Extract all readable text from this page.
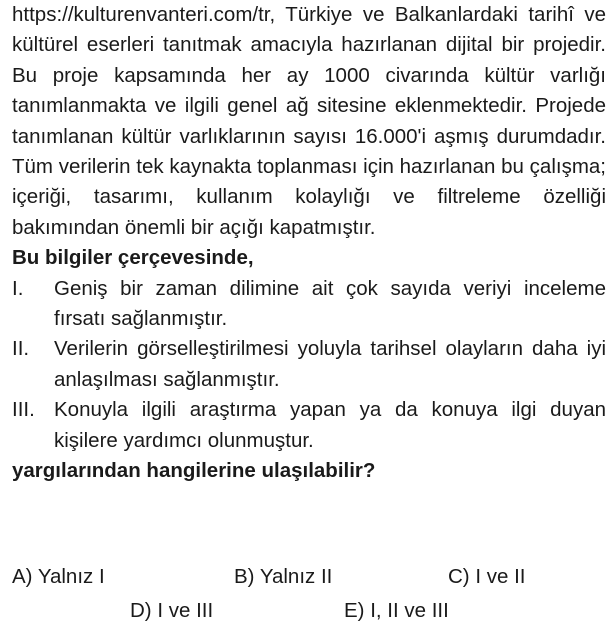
https://kulturenvanteri.com/tr, Türkiye ve Balkanlardaki tarihî ve kültürel eserleri tanıtmak amacıyla hazırlanan dijital bir projedir. Bu proje kapsamında her ay 1000 civarında kültür varlığı tanımlanmakta ve ilgili genel ağ sitesine eklenmektedir. Projede tanımlanan kültür varlıklarının sayısı 16.000'i aşmış durumdadır. Tüm verilerin tek kaynakta toplanması için hazırlanan bu çalışma; içeriği, tasarımı, kullanım kolaylığı ve filtreleme özelliği bakımından önemli bir açığı kapatmıştır.

Bu bilgiler çerçevesinde,

I.	Geniş bir zaman dilimine ait çok sayıda veriyi inceleme fırsatı sağlanmıştır.
II.	Verilerin görselleştirilmesi yoluyla tarihsel olayların daha iyi anlaşılması sağlanmıştır.
III. Konuyla ilgili araştırma yapan ya da konuya ilgi duyan kişilere yardımcı olunmuştur.

yargılarından hangilerine ulaşılabilir?

A) Yalnız I	B) Yalnız II	C) I ve II
D) I ve III	E) I, II ve III
